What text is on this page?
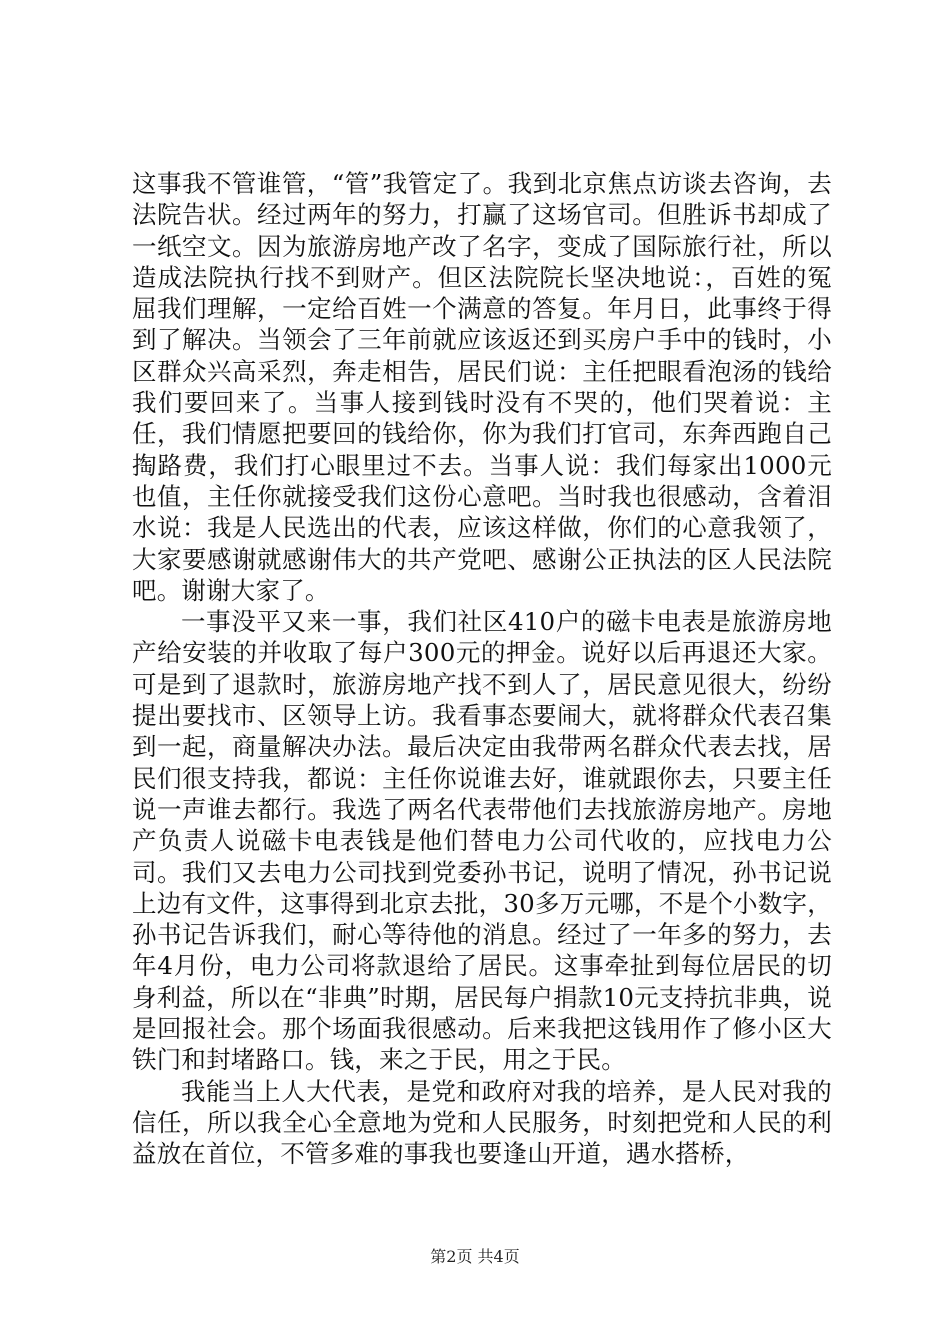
这事我不管谁管，“管”我管定了。我到北京焦点访谈去咨询，去法院告状。经过两年的努力，打赢了这场官司。但胜诉书却成了一纸空文。因为旅游房地产改了名字，变成了国际旅行社，所以造成法院执行找不到财产。但区法院院长坚决地说：，百姓的冤屈我们理解，一定给百姓一个满意的答复。年月日，此事终于得到了解决。当领会了三年前就应该返还到买房户手中的钱时，小区群众兴高采烈，奔走相告，居民们说：主任把眼看泡汤的钱给我们要回来了。当事人接到钱时没有不哭的，他们哭着说：主任，我们情愿把要回的钱给你，你为我们打官司，东奔西跑自己掏路费，我们打心眼里过不去。当事人说：我们每家出1000元也值，主任你就接受我们这份心意吧。当时我也很感动，含着泪水说：我是人民选出的代表，应该这样做，你们的心意我领了，大家要感谢就感谢伟大的共产党吧、感谢公正执法的区人民法院吧。谢谢大家了。

一事没平又来一事，我们社区410户的磁卡电表是旅游房地产给安装的并收取了每户300元的押金。说好以后再退还大家。可是到了退款时，旅游房地产找不到人了，居民意见很大，纷纷提出要找市、区领导上访。我看事态要闹大，就将群众代表召集到一起，商量解决办法。最后决定由我带两名群众代表去找，居民们很支持我，都说：主任你说谁去好，谁就跟你去，只要主任说一声谁去都行。我选了两名代表带他们去找旅游房地产。房地产负责人说磁卡电表钱是他们替电力公司代收的，应找电力公司。我们又去电力公司找到党委孙书记，说明了情况，孙书记说上边有文件，这事得到北京去批，30多万元哪，不是个小数字，孙书记告诉我们，耐心等待他的消息。经过了一年多的努力，去年4月份，电力公司将款退给了居民。这事牵扯到每位居民的切身利益，所以在“非典”时期，居民每户捐款10元支持抗非典，说是回报社会。那个场面我很感动。后来我把这钱用作了修小区大铁门和封堵路口。钱，来之于民，用之于民。

我能当上人大代表，是党和政府对我的培养，是人民对我的信任，所以我全心全意地为党和人民服务，时刻把党和人民的利益放在首位，不管多难的事我也要逢山开道，遇水搭桥，

第2页 共4页
